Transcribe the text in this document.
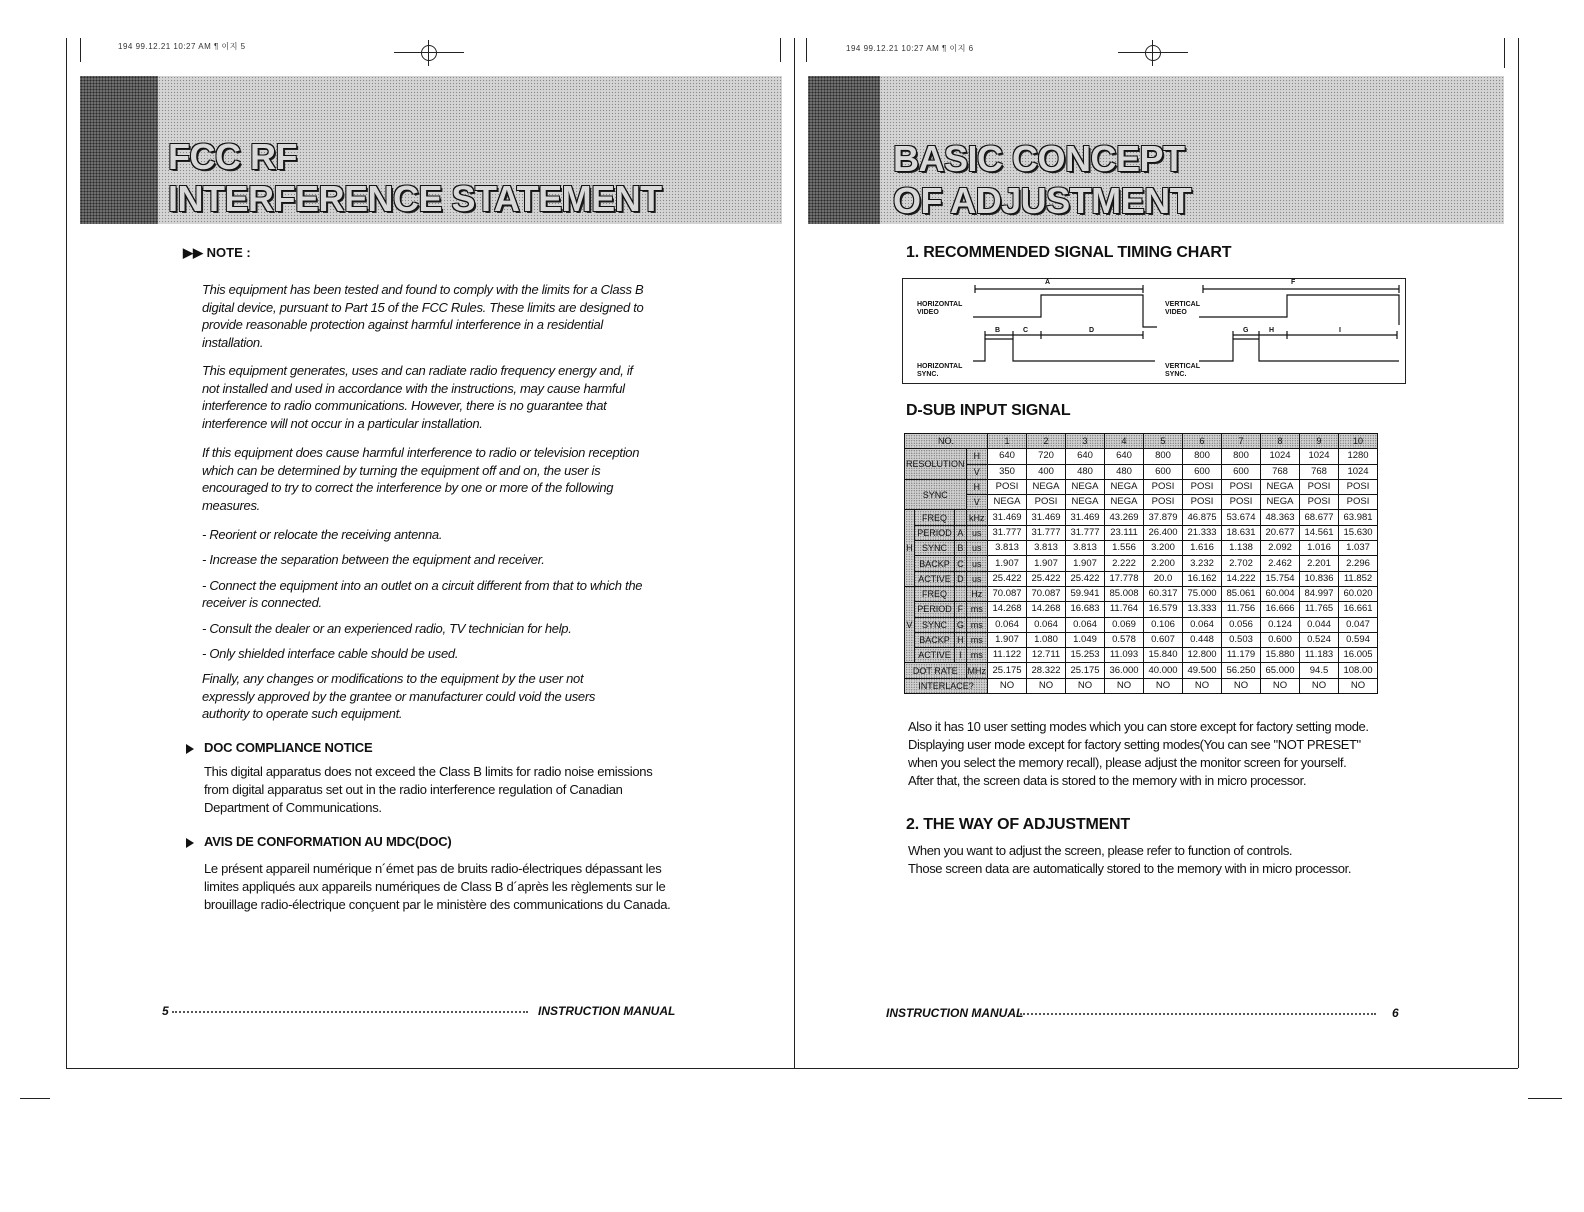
194 99.12.21 10:27 AM ¶ 이지 5	194 99.12.21 10:27 AM ¶ 이지 6
FCC RF
INTERFERENCE STATEMENT
▶▶ NOTE :
This equipment has been tested and found to comply with the limits for a Class B digital device, pursuant to Part 15 of the FCC Rules. These limits are designed to provide reasonable protection against harmful interference in a residential installation.
This equipment generates, uses and can radiate radio frequency energy and, if not installed and used in accordance with the instructions, may cause harmful interference to radio communications. However, there is no guarantee that interference will not occur in a particular installation.
If this equipment does cause harmful interference to radio or television reception which can be determined by turning the equipment off and on, the user is encouraged to try to correct the interference by one or more of the following measures.
- Reorient or relocate the receiving antenna.
- Increase the separation between the equipment and receiver.
- Connect the equipment into an outlet on a circuit different from that to which the receiver is connected.
- Consult the dealer or an experienced radio, TV technician for help.
- Only shielded interface cable should be used.
Finally, any changes or modifications to the equipment by the user not expressly approved by the grantee or manufacturer could void the users authority to operate such equipment.
DOC COMPLIANCE NOTICE
This digital apparatus does not exceed the Class B limits for radio noise emissions from digital apparatus set out in the radio interference regulation of Canadian Department of Communications.
AVIS DE CONFORMATION AU MDC(DOC)
Le présent appareil numérique n´émet pas de bruits radio-électriques dépassant les limites appliqués aux appareils numériques de Class B d´après les règlements sur le brouillage radio-électrique conçuent par le ministère des communications du Canada.
5	INSTRUCTION MANUAL
BASIC CONCEPT
OF ADJUSTMENT
1. RECOMMENDED SIGNAL TIMING CHART
HORIZONTAL VIDEO
HORIZONTAL SYNC.
VERTICAL VIDEO
VERTICAL SYNC.
A
B	C	D
F
G	H	I
D-SUB INPUT SIGNAL
NO.				1	2	3	4	5	6	7	8	9	10
RESOLUTION			H	640	720	640	640	800	800	800	1024	1024	1280
			V	350	400	480	480	600	600	600	768	768	1024
SYNC			H	POSI	NEGA	NEGA	NEGA	POSI	POSI	POSI	NEGA	POSI	POSI
			V	NEGA	POSI	NEGA	NEGA	POSI	POSI	POSI	NEGA	POSI	POSI
H	FREQ		kHz	31.469	31.469	31.469	43.269	37.879	46.875	53.674	48.363	68.677	63.981
	PERIOD	A	us	31.777	31.777	31.777	23.111	26.400	21.333	18.631	20.677	14.561	15.630
	SYNC	B	us	3.813	3.813	3.813	1.556	3.200	1.616	1.138	2.092	1.016	1.037
	BACKP	C	us	1.907	1.907	1.907	2.222	2.200	3.232	2.702	2.462	2.201	2.296
	ACTIVE	D	us	25.422	25.422	25.422	17.778	20.0	16.162	14.222	15.754	10.836	11.852
V	FREQ		Hz	70.087	70.087	59.941	85.008	60.317	75.000	85.061	60.004	84.997	60.020
	PERIOD	F	ms	14.268	14.268	16.683	11.764	16.579	13.333	11.756	16.666	11.765	16.661
	SYNC	G	ms	0.064	0.064	0.064	0.069	0.106	0.064	0.056	0.124	0.044	0.047
	BACKP	H	ms	1.907	1.080	1.049	0.578	0.607	0.448	0.503	0.600	0.524	0.594
	ACTIVE	I	ms	11.122	12.711	15.253	11.093	15.840	12.800	11.179	15.880	11.183	16.005
DOT RATE			MHz	25.175	28.322	25.175	36.000	40.000	49.500	56.250	65.000	94.5	108.00
INTERLACE?				NO	NO	NO	NO	NO	NO	NO	NO	NO	NO
Also it has 10 user setting modes which you can store except for factory setting mode.
Displaying user mode except for factory setting modes(You can see "NOT PRESET"
when you select the memory recall), please adjust the monitor screen for yourself.
After that, the screen data is stored to the memory with in micro processor.
2. THE WAY OF ADJUSTMENT
When you want to adjust the screen, please refer to function of controls.
Those screen data are automatically stored to the memory with in micro processor.
INSTRUCTION MANUAL	6
